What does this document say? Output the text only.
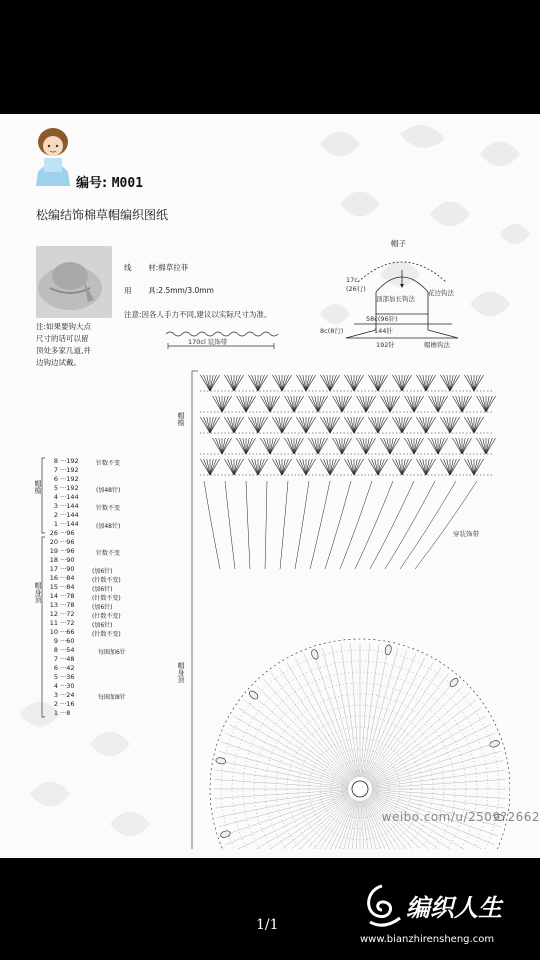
编号: M001
松编结饰棉草帽编织图纸
注:如果要钩大点尺寸的话可以留顶处多家几道,并边钩边试戴。
线 材:棉草拉菲
用 具:2.5mm/3.0mm
注意:因各人手力不同,建议以实际尺寸为准。
170cl 装饰带
帽子
17c
(26行)
顶部加长钩法
花边钩法
58c(96针)
144针
8c(8行)
192针	帽檐钩法
8 ···192
7 ···192
6 ···192
5 ···192
4 ···144
3 ···144
2 ···144
1 ···144
26 ···96
20 ···96
19 ···96
18 ···90
17 ···90
16 ···84
15 ···84
14 ···78
13 ···78
12 ···72
11 ···72
10 ···66
9 ···60
8 ···54
7 ···48
6 ···42
5 ···36
4 ···30
3 ···24
2 ···16
1 ···8
针数不变
(加48针)
针数不变
(加48针)
针数不变
(加6针)
(针数不变)
(加6针)
(针数不变)
(加6针)
(针数不变)
(加6针)
(针数不变)
每圈加6针
每圈加8针
帽檐
帽身顶
帽檐
帽身顶
穿装饰带
weibo.com/u/2509?2662
1/1
编织人生
www.bianzhirensheng.com
